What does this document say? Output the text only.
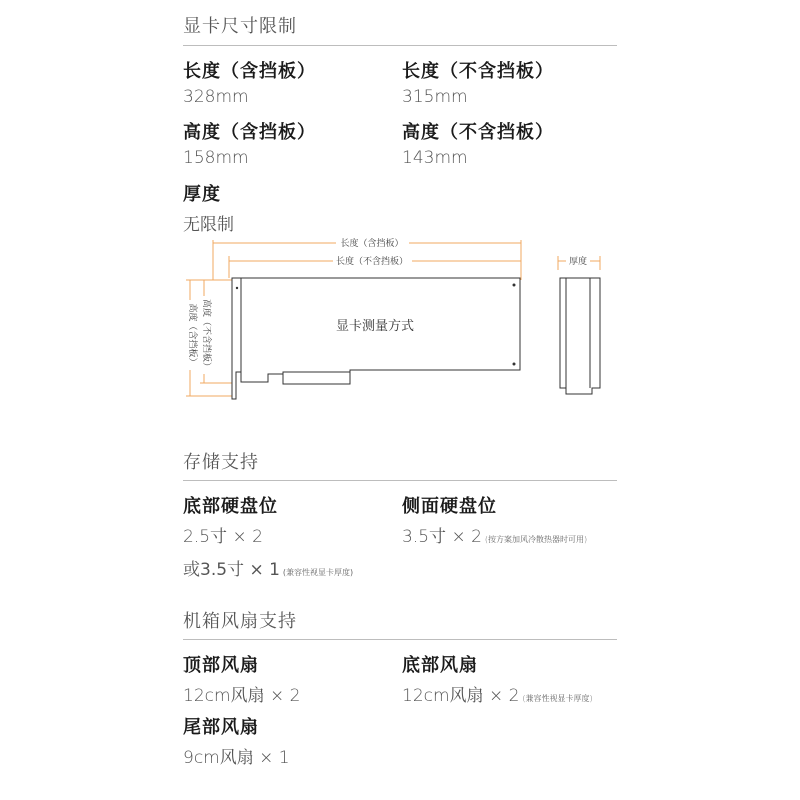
显卡尺寸限制
长度（含挡板）
328mm
长度（不含挡板）
315mm
高度（含挡板）
158mm
高度（不含挡板）
143mm
厚度
无限制
长度（含挡板）
长度（不含挡板）	厚度
高度（含挡板） 高度（不含挡板）	显卡测量方式
存储支持
底部硬盘位
2.5寸 × 2
或3.5寸 × 1 (兼容性视显卡厚度)
侧面硬盘位
3.5寸 × 2 (按方案加风冷散热器时可用)
机箱风扇支持
顶部风扇
12cm风扇 × 2
底部风扇
12cm风扇 × 2 (兼容性视显卡厚度)
尾部风扇
9cm风扇 × 1
